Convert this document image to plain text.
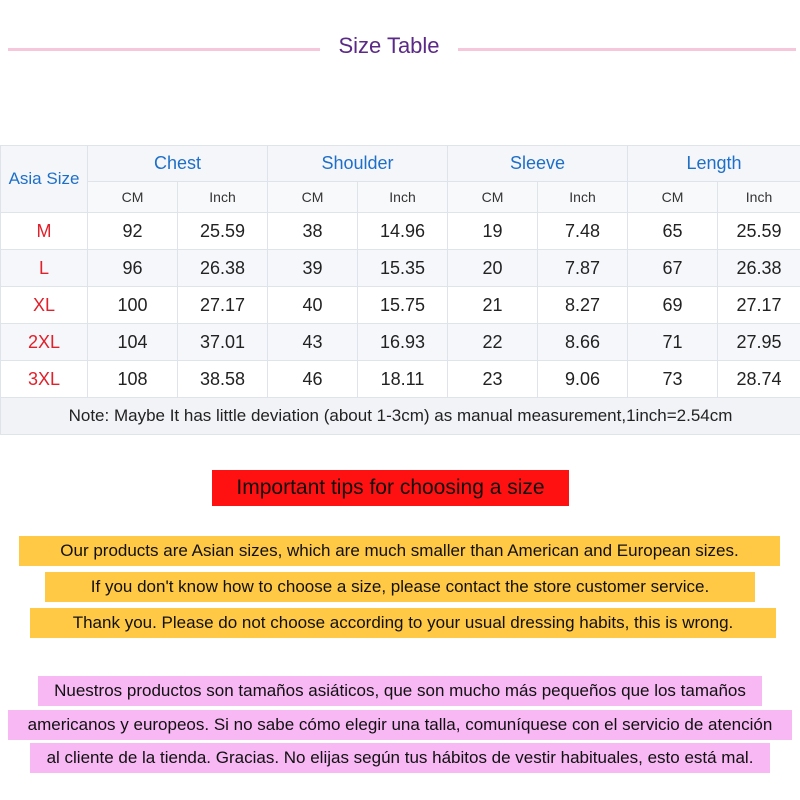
Size Table
Asia Size	Chest		Shoulder		Sleeve		Length	
	CM	Inch	CM	Inch	CM	Inch	CM	Inch
M	92	25.59	38	14.96	19	7.48	65	25.59
L	96	26.38	39	15.35	20	7.87	67	26.38
XL	100	27.17	40	15.75	21	8.27	69	27.17
2XL	104	37.01	43	16.93	22	8.66	71	27.95
3XL	108	38.58	46	18.11	23	9.06	73	28.74
Note: Maybe It has little deviation (about 1-3cm) as manual measurement,1inch=2.54cm								
Important tips for choosing a size
Our products are Asian sizes, which are much smaller than American and European sizes.
If you don't know how to choose a size, please contact the store customer service.
Thank you. Please do not choose according to your usual dressing habits, this is wrong.
Nuestros productos son tamaños asiáticos, que son mucho más pequeños que los tamaños
americanos y europeos. Si no sabe cómo elegir una talla, comuníquese con el servicio de atención
al cliente de la tienda. Gracias. No elijas según tus hábitos de vestir habituales, esto está mal.
